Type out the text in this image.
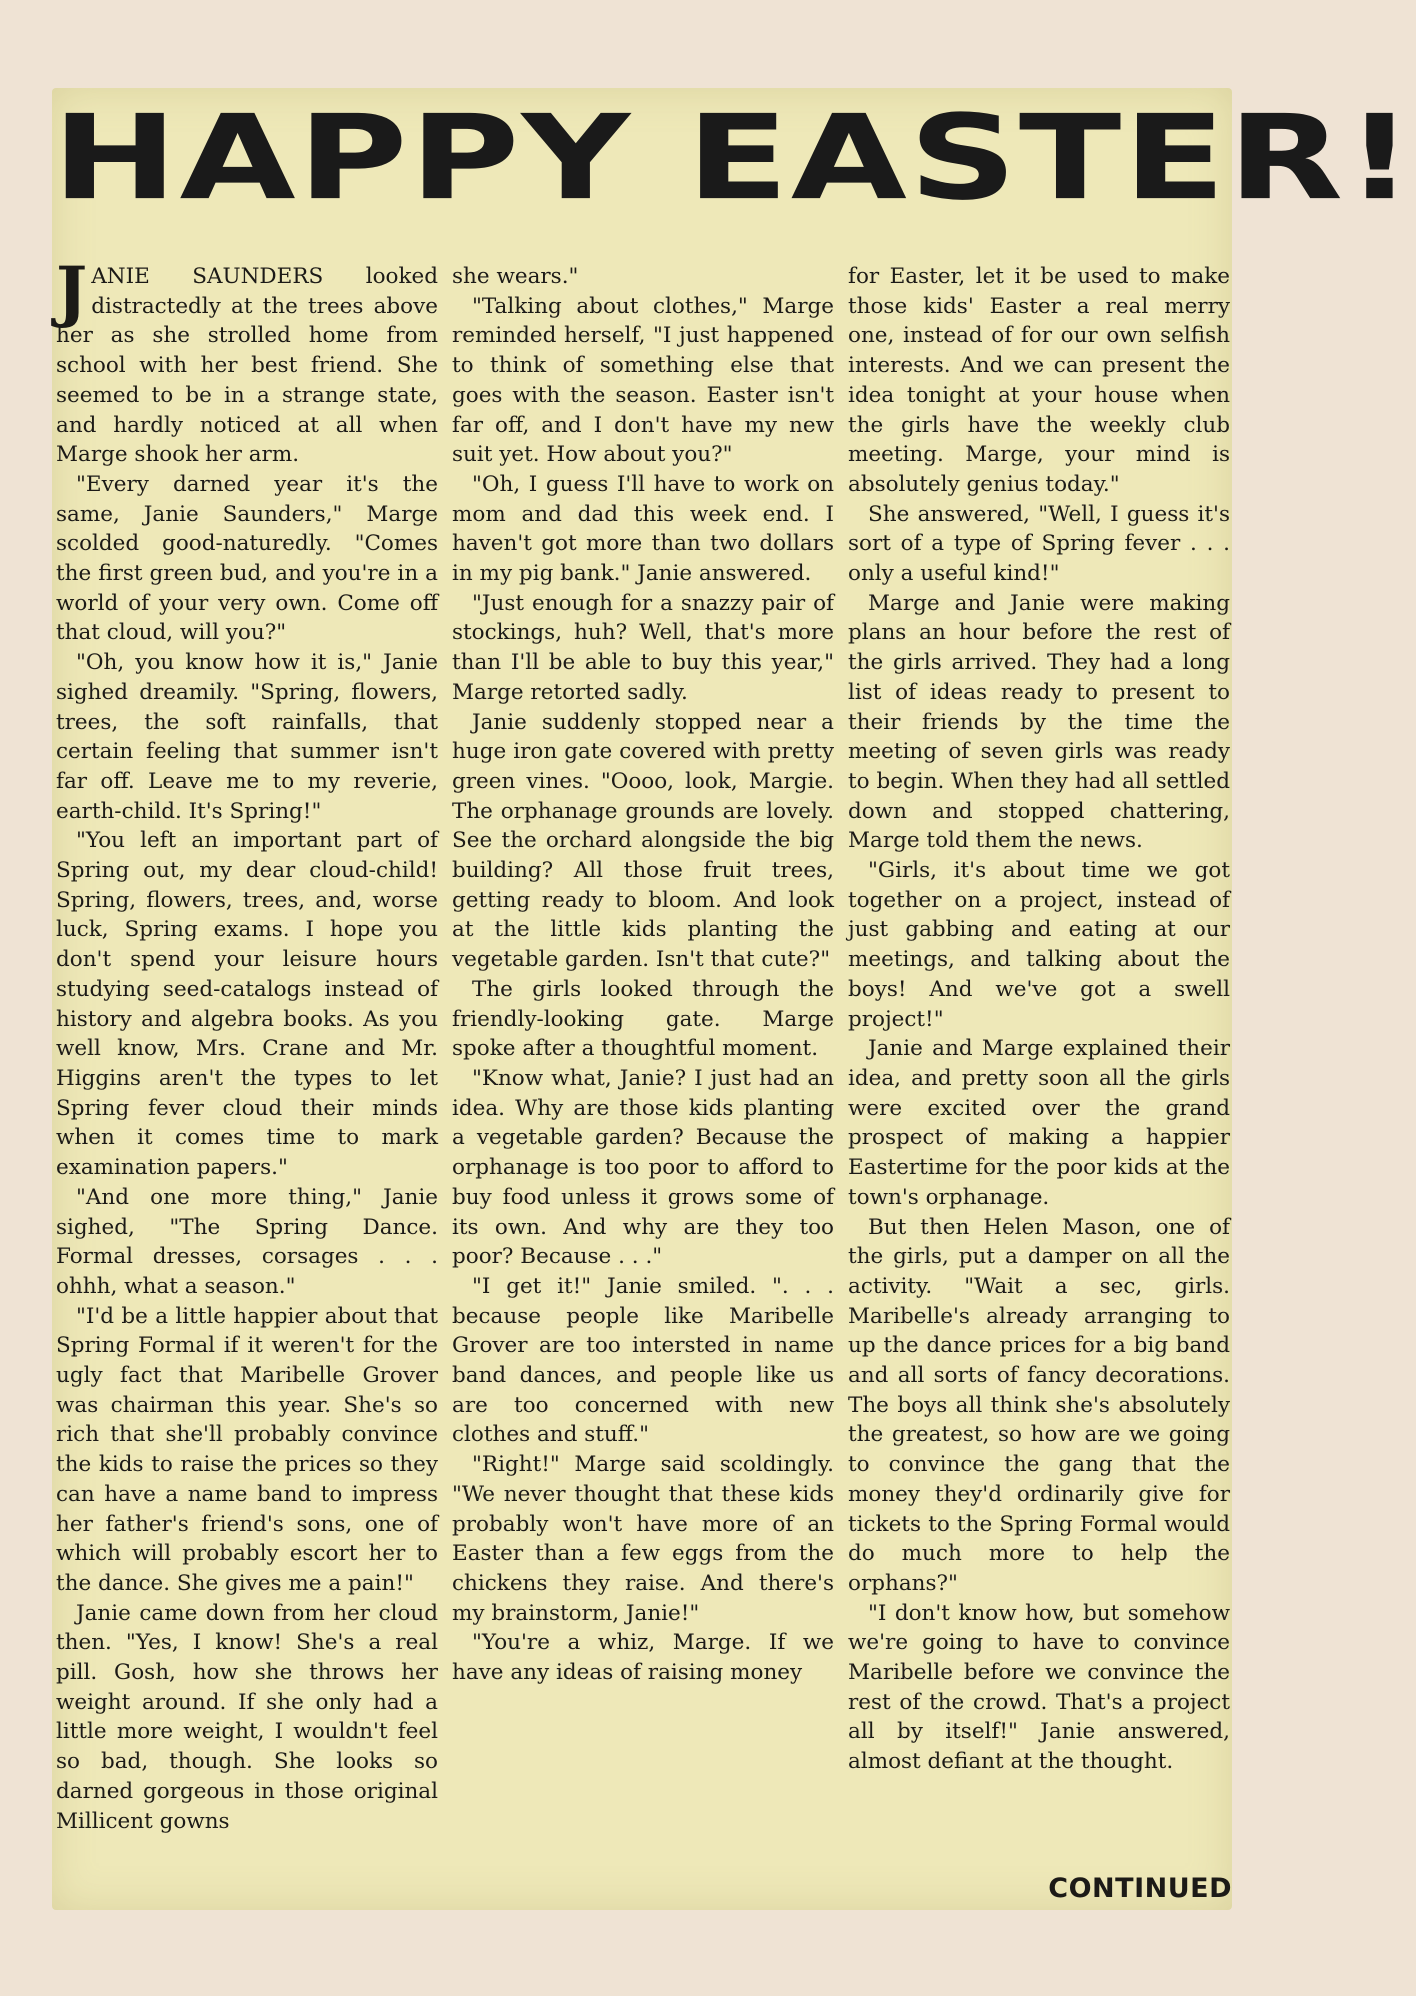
HAPPY EASTER!

JANIE SAUNDERS looked distractedly at the trees above her as she strolled home from school with her best friend. She seemed to be in a strange state, and hardly noticed at all when Marge shook her arm.

"Every darned year it's the same, Janie Saunders," Marge scolded good-naturedly. "Comes the first green bud, and you're in a world of your very own. Come off that cloud, will you?"

"Oh, you know how it is," Janie sighed dreamily. "Spring, flowers, trees, the soft rainfalls, that certain feeling that summer isn't far off. Leave me to my reverie, earth-child. It's Spring!"

"You left an important part of Spring out, my dear cloud-child! Spring, flowers, trees, and, worse luck, Spring exams. I hope you don't spend your leisure hours studying seed-catalogs instead of history and algebra books. As you well know, Mrs. Crane and Mr. Higgins aren't the types to let Spring fever cloud their minds when it comes time to mark examination papers."

"And one more thing," Janie sighed, "The Spring Dance. Formal dresses, corsages . . . ohhh, what a season."

"I'd be a little happier about that Spring Formal if it weren't for the ugly fact that Maribelle Grover was chairman this year. She's so rich that she'll probably convince the kids to raise the prices so they can have a name band to impress her father's friend's sons, one of which will probably escort her to the dance. She gives me a pain!"

Janie came down from her cloud then. "Yes, I know! She's a real pill. Gosh, how she throws her weight around. If she only had a little more weight, I wouldn't feel so bad, though. She looks so darned gorgeous in those original Millicent gowns

she wears."

"Talking about clothes," Marge reminded herself, "I just happened to think of something else that goes with the season. Easter isn't far off, and I don't have my new suit yet. How about you?"

"Oh, I guess I'll have to work on mom and dad this week end. I haven't got more than two dollars in my pig bank." Janie answered.

"Just enough for a snazzy pair of stockings, huh? Well, that's more than I'll be able to buy this year," Marge retorted sadly.

Janie suddenly stopped near a huge iron gate covered with pretty green vines. "Oooo, look, Margie. The orphanage grounds are lovely. See the orchard alongside the big building? All those fruit trees, getting ready to bloom. And look at the little kids planting the vegetable garden. Isn't that cute?"

The girls looked through the friendly-looking gate. Marge spoke after a thoughtful moment.

"Know what, Janie? I just had an idea. Why are those kids planting a vegetable garden? Because the orphanage is too poor to afford to buy food unless it grows some of its own. And why are they too poor? Because . . ."

"I get it!" Janie smiled. ". . . because people like Maribelle Grover are too intersted in name band dances, and people like us are too concerned with new clothes and stuff."

"Right!" Marge said scoldingly. "We never thought that these kids probably won't have more of an Easter than a few eggs from the chickens they raise. And there's my brainstorm, Janie!"

"You're a whiz, Marge. If we have any ideas of raising money

for Easter, let it be used to make those kids' Easter a real merry one, instead of for our own selfish interests. And we can present the idea tonight at your house when the girls have the weekly club meeting. Marge, your mind is absolutely genius today."

She answered, "Well, I guess it's sort of a type of Spring fever . . . only a useful kind!"

Marge and Janie were making plans an hour before the rest of the girls arrived. They had a long list of ideas ready to present to their friends by the time the meeting of seven girls was ready to begin. When they had all settled down and stopped chattering, Marge told them the news.

"Girls, it's about time we got together on a project, instead of just gabbing and eating at our meetings, and talking about the boys! And we've got a swell project!"

Janie and Marge explained their idea, and pretty soon all the girls were excited over the grand prospect of making a happier Eastertime for the poor kids at the town's orphanage.

But then Helen Mason, one of the girls, put a damper on all the activity. "Wait a sec, girls. Maribelle's already arranging to up the dance prices for a big band and all sorts of fancy decorations. The boys all think she's absolutely the greatest, so how are we going to convince the gang that the money they'd ordinarily give for tickets to the Spring Formal would do much more to help the orphans?"

"I don't know how, but somehow we're going to have to convince Maribelle before we convince the rest of the crowd. That's a project all by itself!" Janie answered, almost defiant at the thought.

CONTINUED
